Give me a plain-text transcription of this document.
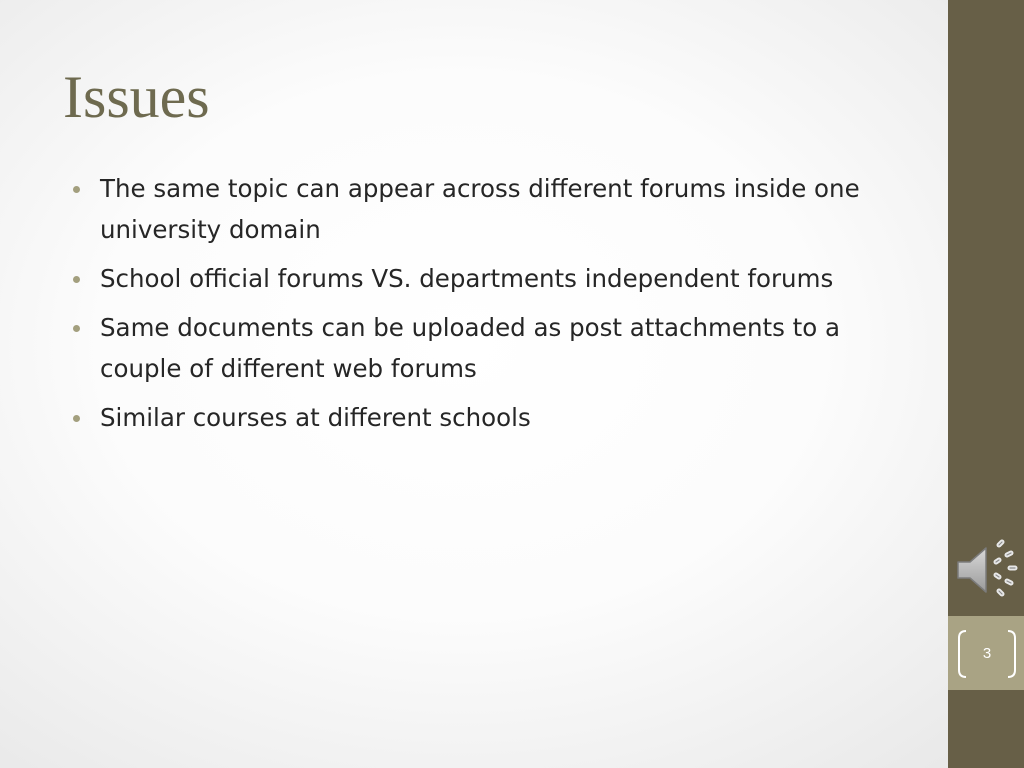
Issues
The same topic can appear across different forums inside one university domain
School official forums VS. departments independent forums
Same documents can be uploaded as post attachments to a couple of different web forums
Similar courses at different schools
3
